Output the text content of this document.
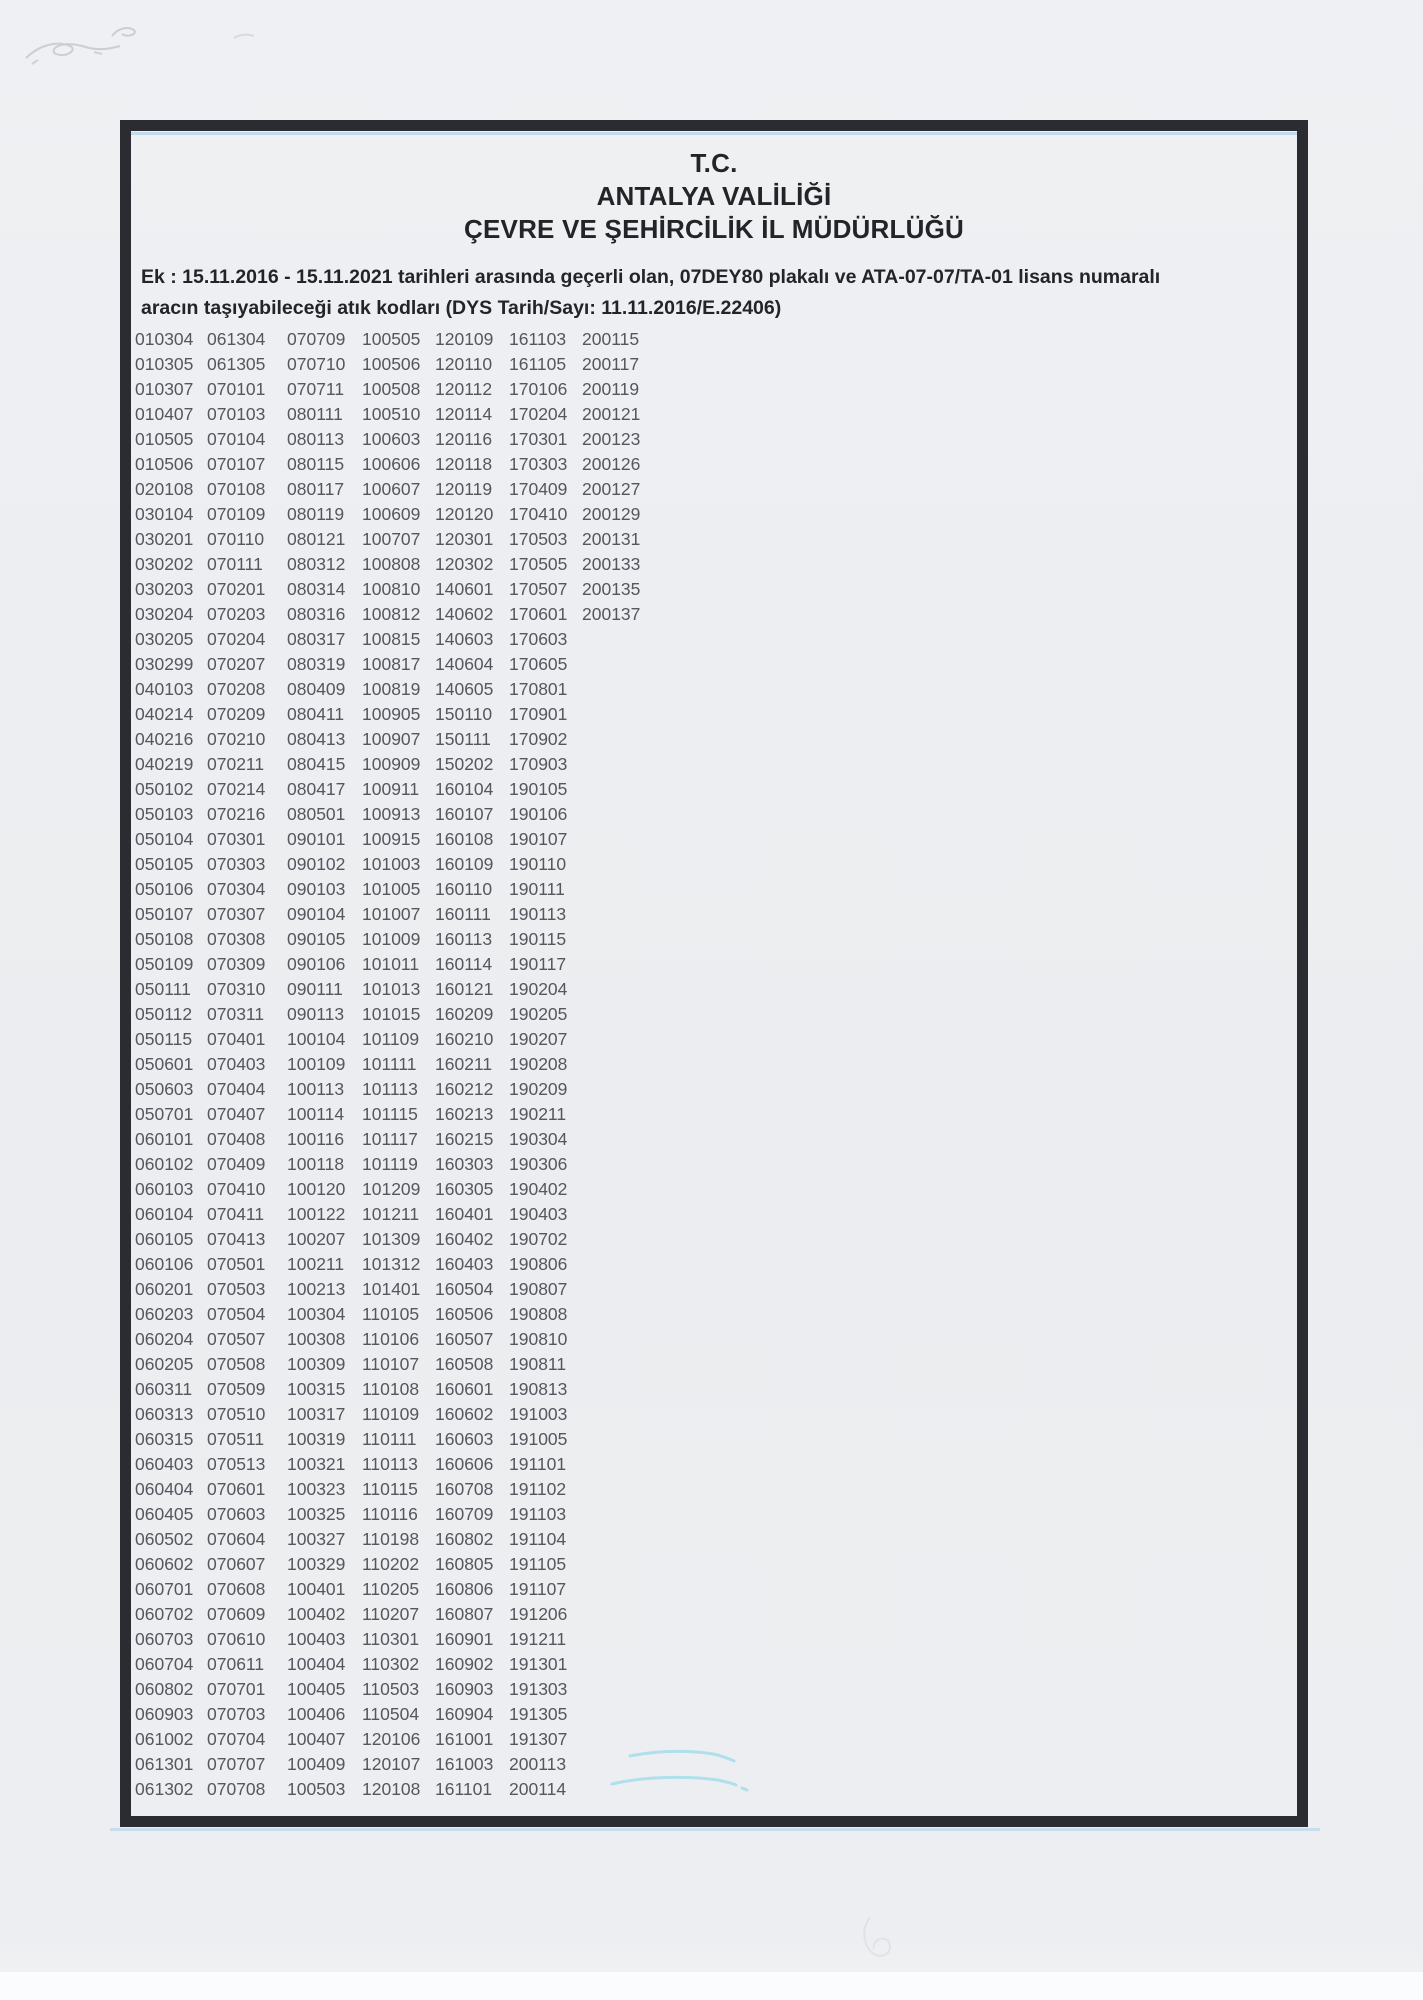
T.C.
ANTALYA VALİLİĞİ
ÇEVRE VE ŞEHİRCİLİK İL MÜDÜRLÜĞÜ
Ek : 15.11.2016 - 15.11.2021 tarihleri arasında geçerli olan, 07DEY80 plakalı ve ATA-07-07/TA-01 lisans numaralı
aracın taşıyabileceği atık kodları (DYS Tarih/Sayı: 11.11.2016/E.22406)
010304 061304	070709 100505 120109 161103 200115
010305 061305	070710 100506 120110 161105 200117
010307 070101	070711	100508 120112 170106 200119
010407 070103	080111	100510 120114 170204 200121
010505 070104	080113	100603 120116 170301 200123
010506 070107	080115	100606 120118 170303 200126
020108 070108	080117	100607 120119 170409 200127
030104 070109	080119	100609 120120 170410 200129
030201 070110	080121 100707 120301 170503 200131
030202 070111	080312 100808 120302 170505 200133
030203 070201	080314 100810 140601 170507 200135
030204 070203	080316 100812 140602 170601 200137
030205 070204	080317 100815 140603 170603
030299 070207	080319 100817 140604 170605
040103 070208	080409 100819 140605 170801
040214 070209	080411	100905 150110 170901
040216 070210	080413 100907 150111	170902
040219 070211	080415 100909 150202 170903
050102 070214	080417 100911 160104 190105
050103 070216	080501 100913 160107 190106
050104 070301	090101 100915 160108 190107
050105 070303	090102 101003 160109 190110
050106 070304	090103 101005 160110 190111
050107 070307	090104 101007 160111	190113
050108 070308	090105 101009 160113 190115
050109 070309	090106 101011 160114 190117
050111 070310	090111	101013 160121 190204
050112 070311	090113	101015 160209 190205
050115 070401	100104 101109 160210 190207
050601 070403	100109 101111	160211 190208
050603 070404	100113	101113 160212 190209
050701 070407	100114	101115 160213 190211
060101 070408	100116	101117 160215 190304
060102 070409	100118	101119 160303 190306
060103 070410	100120 101209 160305 190402
060104 070411	100122 101211 160401 190403
060105 070413	100207 101309 160402 190702
060106 070501	100211	101312 160403 190806
060201 070503	100213 101401 160504 190807
060203 070504	100304 110105 160506 190808
060204 070507	100308 110106 160507 190810
060205 070508	100309 110107 160508 190811
060311 070509	100315 110108 160601 190813
060313 070510	100317 110109 160602 191003
060315 070511	100319 110111	160603 191005
060403 070513	100321 110113 160606 191101
060404 070601	100323 110115 160708 191102
060405 070603	100325 110116 160709 191103
060502 070604	100327 110198 160802 191104
060602 070607	100329 110202 160805 191105
060701 070608	100401 110205 160806 191107
060702 070609	100402 110207 160807 191206
060703 070610	100403 110301 160901 191211
060704 070611	100404 110302 160902 191301
060802 070701	100405 110503 160903 191303
060903 070703	100406 110504 160904 191305
061002 070704	100407 120106 161001 191307
061301 070707	100409 120107 161003 200113
061302 070708	100503 120108 161101 200114
